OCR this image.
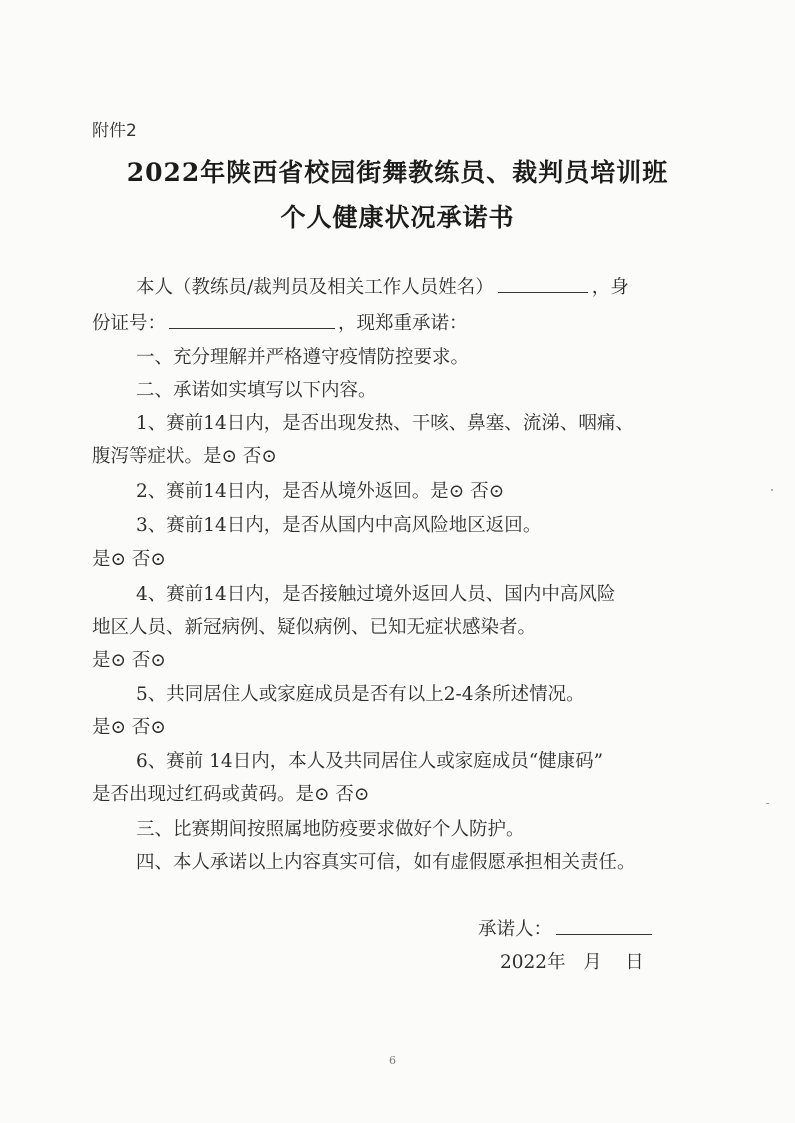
附件2
2022年陕西省校园街舞教练员、裁判员培训班
个人健康状况承诺书
本人（教练员/裁判员及相关工作人员姓名）	，身
份证号：	，现郑重承诺：
一、充分理解并严格遵守疫情防控要求。
二、承诺如实填写以下内容。
1、赛前14日内，是否出现发热、干咳、鼻塞、流涕、咽痛、
腹泻等症状。是⊙ 否⊙
2、赛前14日内，是否从境外返回。是⊙ 否⊙
3、赛前14日内，是否从国内中高风险地区返回。
是⊙ 否⊙
4、赛前14日内，是否接触过境外返回人员、国内中高风险
地区人员、新冠病例、疑似病例、已知无症状感染者。
是⊙ 否⊙
5、共同居住人或家庭成员是否有以上2-4条所述情况。
是⊙ 否⊙
6、赛前 14日内，本人及共同居住人或家庭成员“健康码”
是否出现过红码或黄码。是⊙ 否⊙
三、比赛期间按照属地防疫要求做好个人防护。
四、本人承诺以上内容真实可信，如有虚假愿承担相关责任。
承诺人：
2022年   月    日
6
